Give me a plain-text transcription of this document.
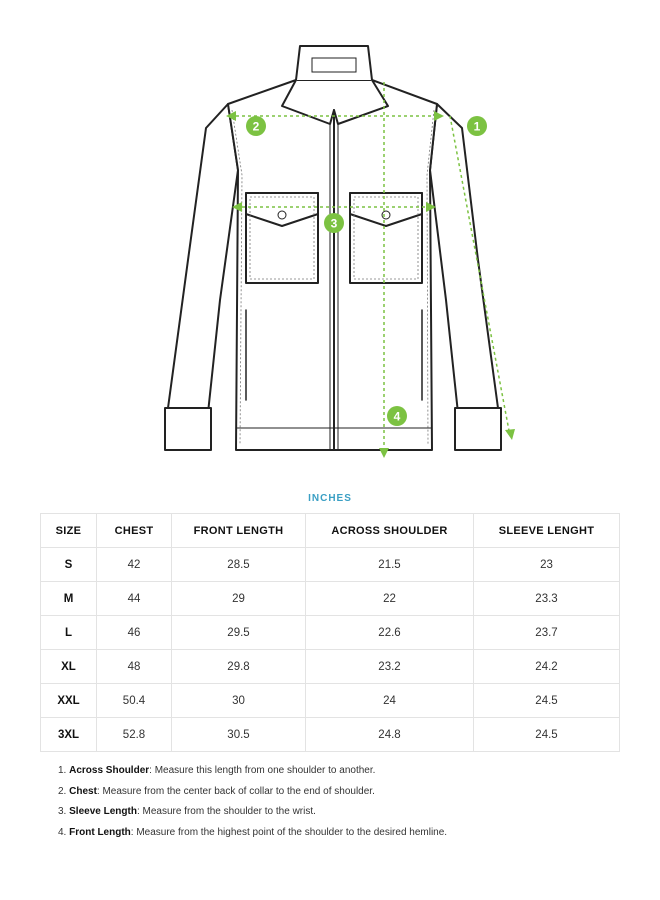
1
2
3
4
INCHES
SIZE	CHEST	FRONT LENGTH	ACROSS SHOULDER	SLEEVE LENGHT
S	42	28.5	21.5	23
M	44	29	22	23.3
L	46	29.5	22.6	23.7
XL	48	29.8	23.2	24.2
XXL	50.4	30	24	24.5
3XL	52.8	30.5	24.8	24.5
1. Across Shoulder: Measure this length from one shoulder to another.
2. Chest: Measure from the center back of collar to the end of shoulder.
3. Sleeve Length: Measure from the shoulder to the wrist.
4. Front Length: Measure from the highest point of the shoulder to the desired hemline.
